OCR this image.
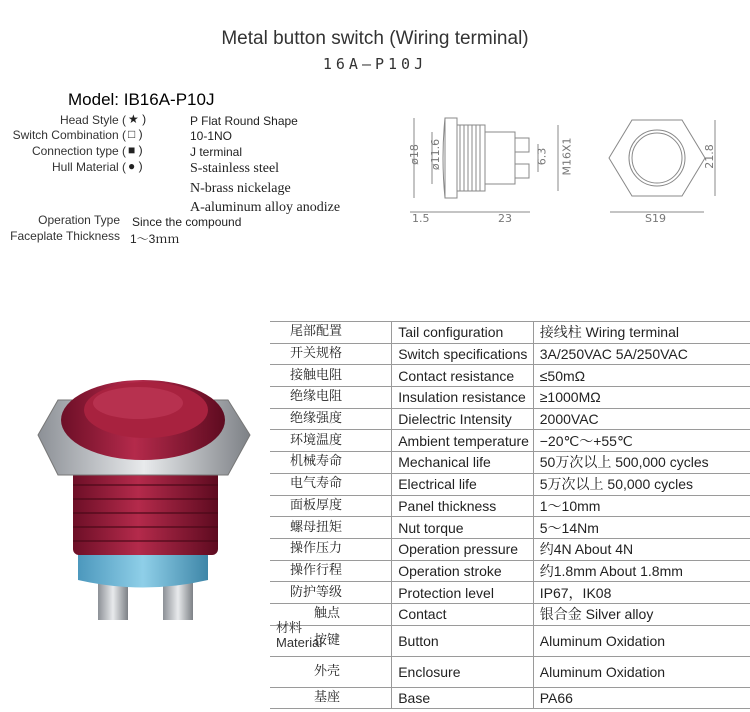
Metal button switch (Wiring terminal)
16A—P10J
Model: IB16A-P10J
Head Style ( ★ )	P Flat Round Shape
Switch Combination ( □ )	10-1NO
Connection type ( ■ )	J terminal
Hull Material ( ● )	S-stainless steel
N-brass nickelage
A-aluminum alloy anodize
Operation Type Since the compound
Faceplate Thickness 1～3ｍｍ
ø18 ø11.6	6.3 M16X1
1.5	23
21.8
S19
尾部配置	Tail configuration	接线柱 Wiring terminal
开关规格	Switch specifications	3A/250VAC 5A/250VAC
接触电阻	Contact resistance	≤50mΩ
绝缘电阻	Insulation resistance	≥1000MΩ
绝缘强度	Dielectric Intensity	2000VAC
环境温度	Ambient temperature	−20℃～+55℃
机械寿命	Mechanical life	50万次以上 500,000 cycles
电气寿命	Electrical life	5万次以上 50,000 cycles
面板厚度	Panel thickness	1～10mm
螺母扭矩	Nut torque	5～14Nm
操作压力	Operation pressure	约4N About 4N
操作行程	Operation stroke	约1.8mm About 1.8mm
防护等级	Protection level	IP67，IK08
触点	Contact	银合金 Silver alloy
按键	Button	Aluminum Oxidation
外壳	Enclosure	Aluminum Oxidation
基座	Base	PA66
材料 Material
